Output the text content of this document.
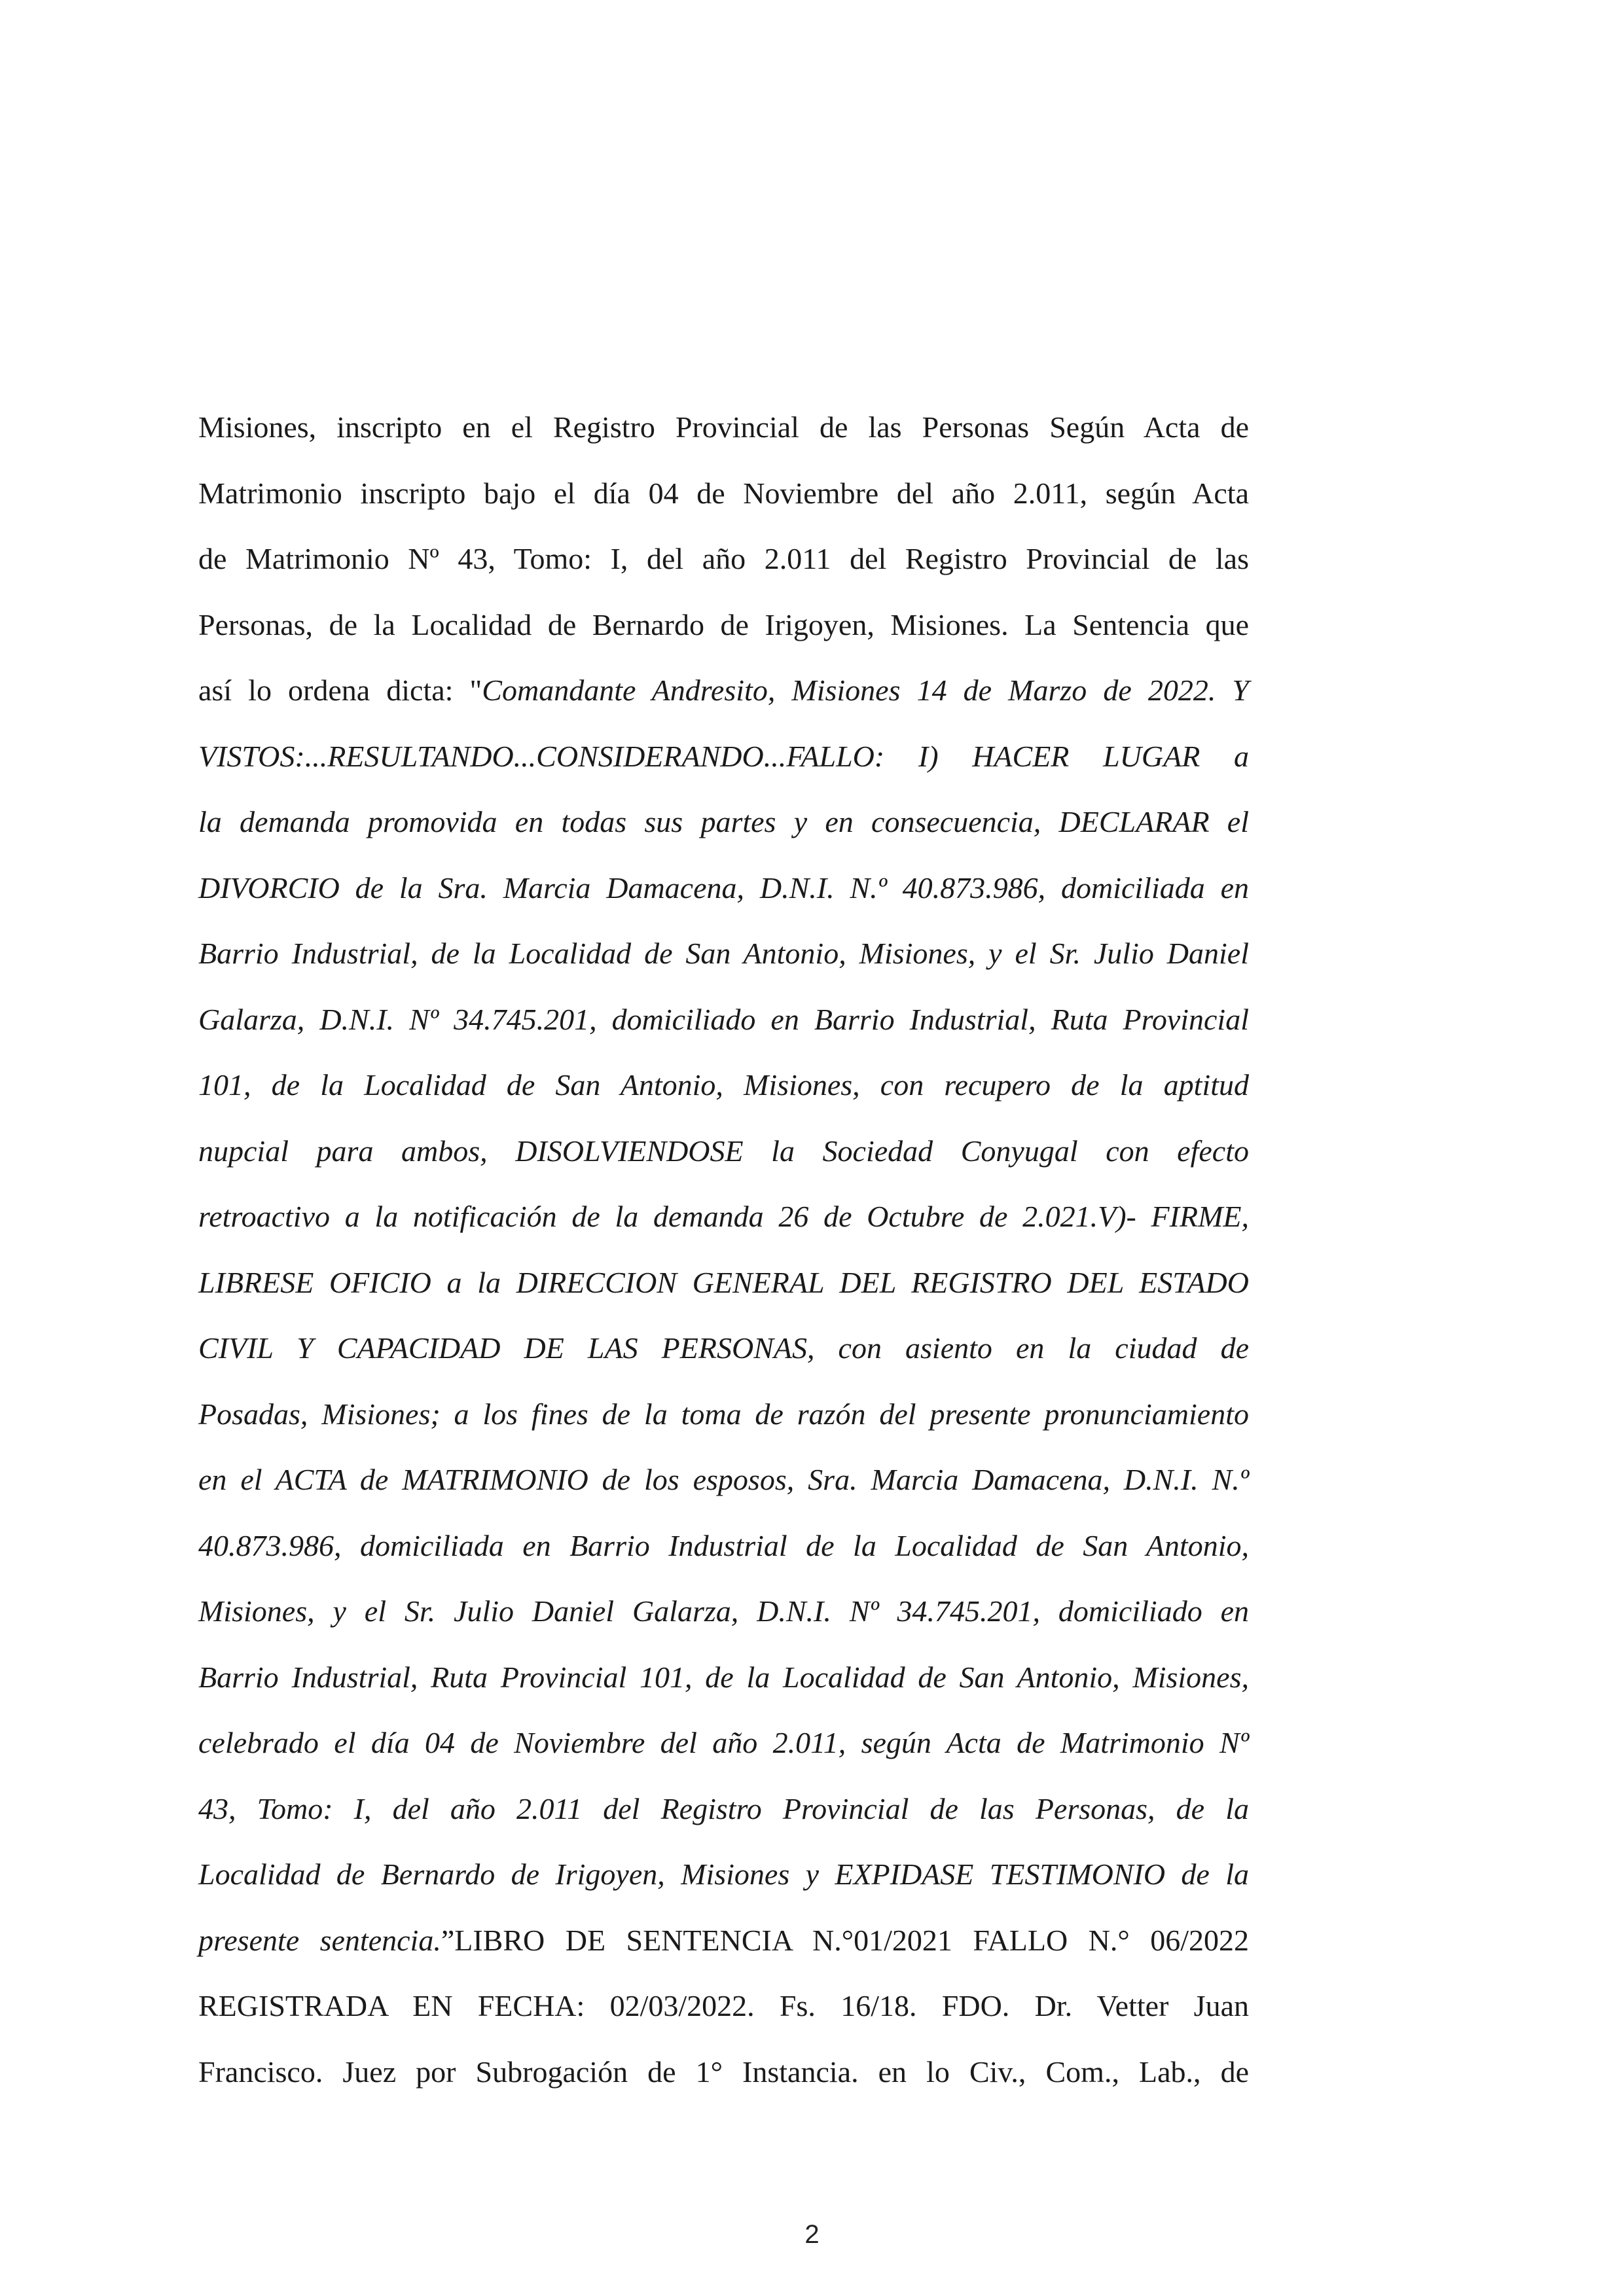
Misiones, inscripto en el Registro Provincial de las Personas Según Acta de
Matrimonio inscripto bajo el día 04 de Noviembre del año 2.011, según Acta
de Matrimonio Nº 43, Tomo: I, del año 2.011 del Registro Provincial de las
Personas, de la Localidad de Bernardo de Irigoyen, Misiones. La Sentencia que
así lo ordena dicta: "Comandante Andresito, Misiones 14 de Marzo de 2022. Y
VISTOS:...RESULTANDO...CONSIDERANDO...FALLO: I) HACER LUGAR a
la demanda promovida en todas sus partes y en consecuencia, DECLARAR el
DIVORCIO de la Sra. Marcia Damacena, D.N.I. N.º 40.873.986, domiciliada en
Barrio Industrial, de la Localidad de San Antonio, Misiones, y el Sr. Julio Daniel
Galarza, D.N.I. Nº 34.745.201, domiciliado en Barrio Industrial, Ruta Provincial
101, de la Localidad de San Antonio, Misiones, con recupero de la aptitud
nupcial para ambos, DISOLVIENDOSE la Sociedad Conyugal con efecto
retroactivo a la notificación de la demanda 26 de Octubre de 2.021.V)- FIRME,
LIBRESE OFICIO a la DIRECCION GENERAL DEL REGISTRO DEL ESTADO
CIVIL Y CAPACIDAD DE LAS PERSONAS, con asiento en la ciudad de
Posadas, Misiones; a los fines de la toma de razón del presente pronunciamiento
en el ACTA de MATRIMONIO de los esposos, Sra. Marcia Damacena, D.N.I. N.º
40.873.986, domiciliada en Barrio Industrial de la Localidad de San Antonio,
Misiones, y el Sr. Julio Daniel Galarza, D.N.I. Nº 34.745.201, domiciliado en
Barrio Industrial, Ruta Provincial 101, de la Localidad de San Antonio, Misiones,
celebrado el día 04 de Noviembre del año 2.011, según Acta de Matrimonio Nº
43, Tomo: I, del año 2.011 del Registro Provincial de las Personas, de la
Localidad de Bernardo de Irigoyen, Misiones y EXPIDASE TESTIMONIO de la
presente sentencia.”LIBRO DE SENTENCIA N.°01/2021 FALLO N.° 06/2022
REGISTRADA EN FECHA: 02/03/2022. Fs. 16/18. FDO. Dr. Vetter Juan
Francisco. Juez por Subrogación de 1° Instancia. en lo Civ., Com., Lab., de
2
